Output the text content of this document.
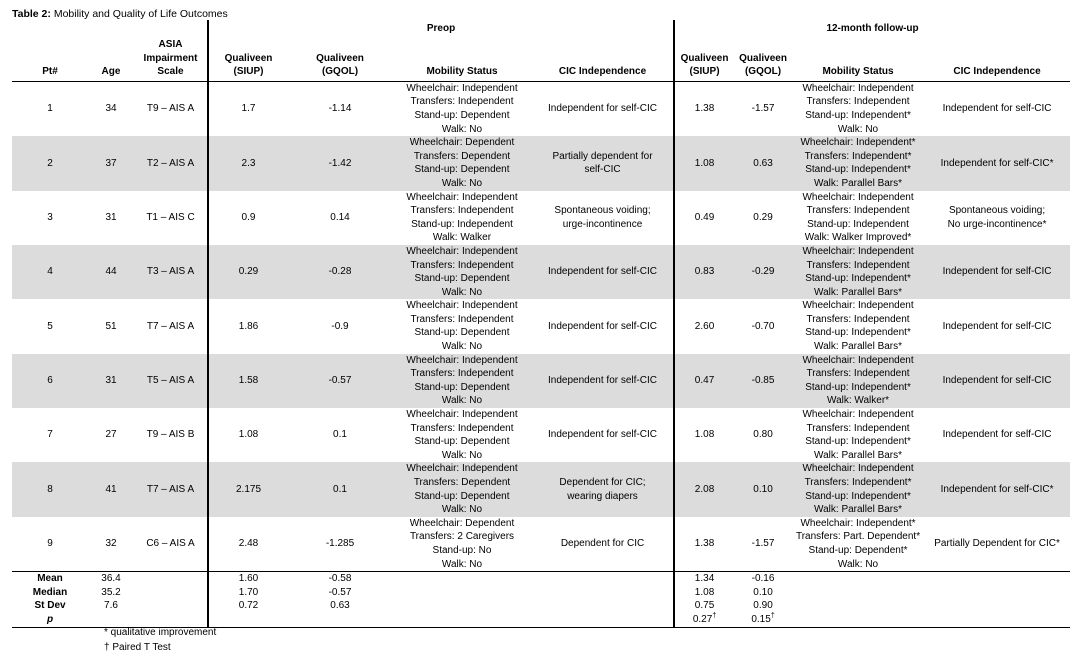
Table 2: Mobility and Quality of Life Outcomes
			Preop				12-month follow-up			
Pt#	Age	ASIA
Impairment
Scale	Qualiveen
(SIUP)	Qualiveen
(GQOL)	Mobility Status	CIC Independence	Qualiveen
(SIUP)	Qualiveen
(GQOL)	Mobility Status	CIC Independence
1	34	T9 – AIS A	1.7	-1.14	Wheelchair: Independent
Transfers: Independent
Stand-up: Dependent
Walk: No	Independent for self-CIC	1.38	-1.57	Wheelchair: Independent
Transfers: Independent
Stand-up: Independent*
Walk: No	Independent for self-CIC

2	37	T2 – AIS A	2.3	-1.42	Wheelchair: Dependent
Transfers: Dependent
Stand-up: Dependent
Walk: No	Partially dependent for
self-CIC	1.08	0.63	Wheelchair: Independent*
Transfers: Independent*
Stand-up: Independent*
Walk: Parallel Bars*	Independent for self-CIC*

3	31	T1 – AIS C	0.9	0.14	Wheelchair: Independent
Transfers: Independent
Stand-up: Independent
Walk: Walker	Spontaneous voiding;
urge-incontinence	0.49	0.29	Wheelchair: Independent
Transfers: Independent
Stand-up: Independent
Walk: Walker Improved*	Spontaneous voiding;
No urge-incontinence*

4	44	T3 – AIS A	0.29	-0.28	Wheelchair: Independent
Transfers: Independent
Stand-up: Dependent
Walk: No	Independent for self-CIC	0.83	-0.29	Wheelchair: Independent
Transfers: Independent
Stand-up: Independent*
Walk: Parallel Bars*	Independent for self-CIC

5	51	T7 – AIS A	1.86	-0.9	Wheelchair: Independent
Transfers: Independent
Stand-up: Dependent
Walk: No	Independent for self-CIC	2.60	-0.70	Wheelchair: Independent
Transfers: Independent
Stand-up: Independent*
Walk: Parallel Bars*	Independent for self-CIC

6	31	T5 – AIS A	1.58	-0.57	Wheelchair: Independent
Transfers: Independent
Stand-up: Dependent
Walk: No	Independent for self-CIC	0.47	-0.85	Wheelchair: Independent
Transfers: Independent
Stand-up: Independent*
Walk: Walker*	Independent for self-CIC

7	27	T9 – AIS B	1.08	0.1	Wheelchair: Independent
Transfers: Independent
Stand-up: Dependent
Walk: No	Independent for self-CIC	1.08	0.80	Wheelchair: Independent
Transfers: Independent
Stand-up: Independent*
Walk: Parallel Bars*	Independent for self-CIC

8	41	T7 – AIS A	2.175	0.1	Wheelchair: Independent
Transfers: Dependent
Stand-up: Dependent
Walk: No	Dependent for CIC;
wearing diapers	2.08	0.10	Wheelchair: Independent
Transfers: Independent*
Stand-up: Independent*
Walk: Parallel Bars*	Independent for self-CIC*

9	32	C6 – AIS A	2.48	-1.285	Wheelchair: Dependent
Transfers: 2 Caregivers
Stand-up: No
Walk: No	Dependent for CIC	1.38	-1.57	Wheelchair: Independent*
Transfers: Part. Dependent*
Stand-up: Dependent*
Walk: No	Partially Dependent for CIC*

Mean	36.4		1.60	-0.58			1.34	-0.16		
Median	35.2		1.70	-0.57			1.08	0.10		
St Dev	7.6		0.72	0.63			0.75	0.90		
p							0.27†	0.15†		
* qualitative improvement
† Paired T Test
